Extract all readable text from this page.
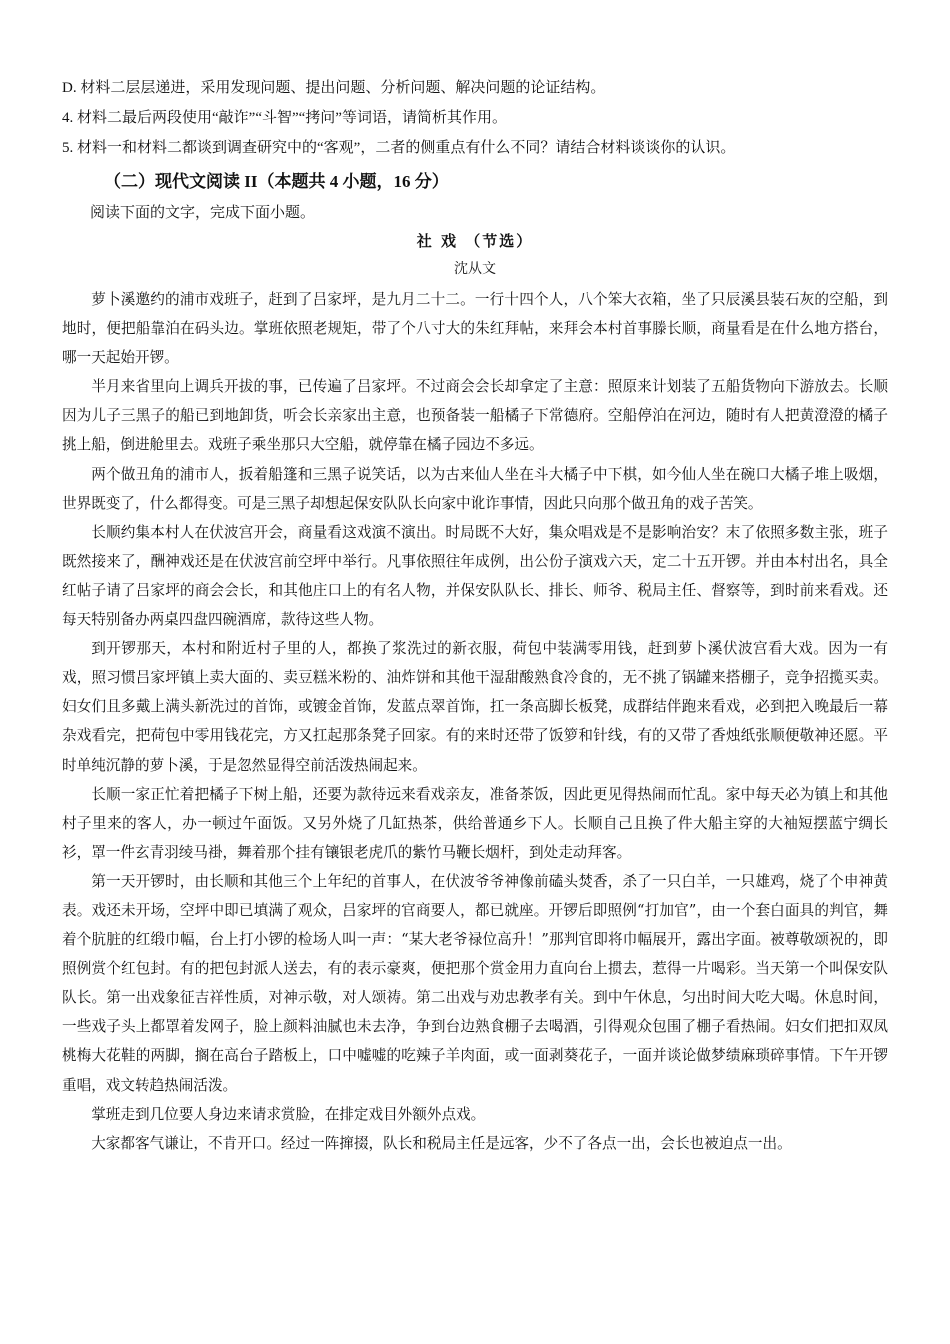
D. 材料二层层递进，采用发现问题、提出问题、分析问题、解决问题的论证结构。
4. 材料二最后两段使用“敲诈”“斗智”“拷问”等词语，请简析其作用。
5. 材料一和材料二都谈到调查研究中的“客观”，二者的侧重点有什么不同？请结合材料谈谈你的认识。
（二）现代文阅读 II（本题共 4 小题，16 分）
阅读下面的文字，完成下面小题。
社 戏 （节选）
沈从文

萝卜溪邀约的浦市戏班子，赶到了吕家坪，是九月二十二。一行十四个人，八个笨大衣箱，坐了只辰溪县装石灰的空船，到地时，便把船靠泊在码头边。掌班依照老规矩，带了个八寸大的朱红拜帖，来拜会本村首事滕长顺，商量看是在什么地方搭台，哪一天起始开锣。

半月来省里向上调兵开拔的事，已传遍了吕家坪。不过商会会长却拿定了主意：照原来计划装了五船货物向下游放去。长顺因为儿子三黑子的船已到地卸货，听会长亲家出主意，也预备装一船橘子下常德府。空船停泊在河边，随时有人把黄澄澄的橘子挑上船，倒进舱里去。戏班子乘坐那只大空船，就停靠在橘子园边不多远。

两个做丑角的浦市人，扳着船篷和三黑子说笑话，以为古来仙人坐在斗大橘子中下棋，如今仙人坐在碗口大橘子堆上吸烟，世界既变了，什么都得变。可是三黑子却想起保安队队长向家中讹诈事情，因此只向那个做丑角的戏子苦笑。

长顺约集本村人在伏波宫开会，商量看这戏演不演出。时局既不大好，集众唱戏是不是影响治安？末了依照多数主张，班子既然接来了，酬神戏还是在伏波宫前空坪中举行。凡事依照往年成例，出公份子演戏六天，定二十五开锣。并由本村出名，具全红帖子请了吕家坪的商会会长，和其他庄口上的有名人物，并保安队队长、排长、师爷、税局主任、督察等，到时前来看戏。还每天特别备办两桌四盘四碗酒席，款待这些人物。

到开锣那天，本村和附近村子里的人，都换了浆洗过的新衣服，荷包中装满零用钱，赶到萝卜溪伏波宫看大戏。因为一有戏，照习惯吕家坪镇上卖大面的、卖豆糕米粉的、油炸饼和其他干湿甜酸熟食冷食的，无不挑了锅罐来搭棚子，竞争招揽买卖。妇女们且多戴上满头新洗过的首饰，或镀金首饰，发蓝点翠首饰，扛一条高脚长板凳，成群结伴跑来看戏，必到把入晚最后一幕杂戏看完，把荷包中零用钱花完，方又扛起那条凳子回家。有的来时还带了饭箩和针线，有的又带了香烛纸张顺便敬神还愿。平时单纯沉静的萝卜溪，于是忽然显得空前活泼热闹起来。

长顺一家正忙着把橘子下树上船，还要为款待远来看戏亲友，准备茶饭，因此更见得热闹而忙乱。家中每天必为镇上和其他村子里来的客人，办一顿过午面饭。又另外烧了几缸热茶，供给普通乡下人。长顺自己且换了件大船主穿的大袖短摆蓝宁绸长衫，罩一件玄青羽绫马褂，舞着那个挂有镶银老虎爪的紫竹马鞭长烟杆，到处走动拜客。

第一天开锣时，由长顺和其他三个上年纪的首事人，在伏波爷爷神像前磕头焚香，杀了一只白羊，一只雄鸡，烧了个申神黄表。戏还未开场，空坪中即已填满了观众，吕家坪的官商要人，都已就座。开锣后即照例“打加官”，由一个套白面具的判官，舞着个肮脏的红缎巾幅，台上打小锣的检场人叫一声：“某大老爷禄位高升！”那判官即将巾幅展开，露出字面。被尊敬颂祝的，即照例赏个红包封。有的把包封派人送去，有的表示豪爽，便把那个赏金用力直向台上掼去，惹得一片喝彩。当天第一个叫保安队队长。第一出戏象征吉祥性质，对神示敬，对人颂祷。第二出戏与劝忠教孝有关。到中午休息，匀出时间大吃大喝。休息时间，一些戏子头上都罩着发网子，脸上颜料油腻也未去净，争到台边熟食棚子去喝酒，引得观众包围了棚子看热闹。妇女们把扣双凤桃梅大花鞋的两脚，搁在高台子踏板上，口中嘘嘘的吃辣子羊肉面，或一面剥葵花子，一面并谈论做梦绩麻琐碎事情。下午开锣重唱，戏文转趋热闹活泼。

掌班走到几位要人身边来请求赏脸，在排定戏目外额外点戏。

大家都客气谦让，不肯开口。经过一阵撺掇，队长和税局主任是远客，少不了各点一出，会长也被迫点一出。
